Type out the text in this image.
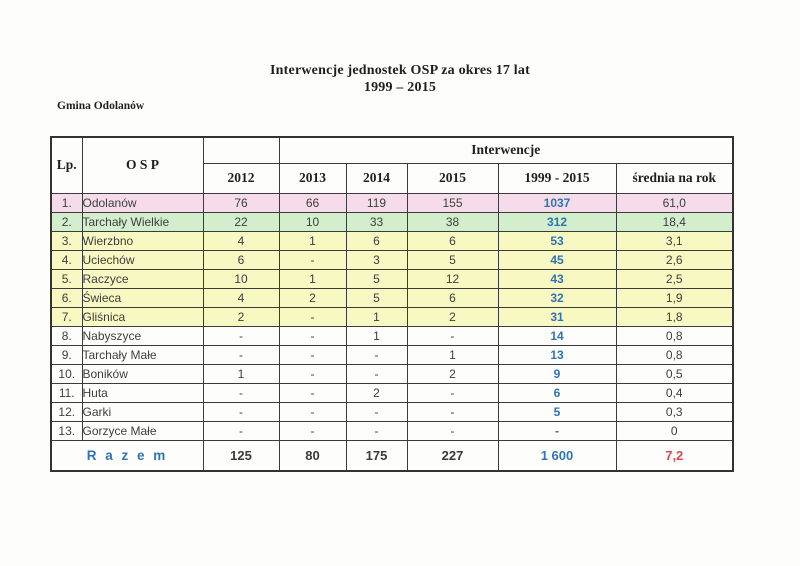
Interwencje jednostek OSP za okres 17 lat
1999 – 2015
Gmina Odolanów
Lp.	O S P		Interwencje				
		2012	2013	2014	2015	1999 - 2015	średnia na rok
1.	Odolanów	76	66	119	155	1037	61,0
2.	Tarchały Wielkie	22	10	33	38	312	18,4
3.	Wierzbno	4	1	6	6	53	3,1
4.	Uciechów	6	-	3	5	45	2,6
5.	Raczyce	10	1	5	12	43	2,5
6.	Świeca	4	2	5	6	32	1,9
7.	Gliśnica	2	-	1	2	31	1,8
8.	Nabyszyce	-	-	1	-	14	0,8
9.	Tarchały Małe	-	-	-	1	13	0,8
10.	Boników	1	-	-	2	9	0,5
11.	Huta	-	-	2	-	6	0,4
12.	Garki	-	-	-	-	5	0,3
13.	Gorzyce Małe	-	-	-	-	-	0
R a z e m		125	80	175	227	1 600	7,2
